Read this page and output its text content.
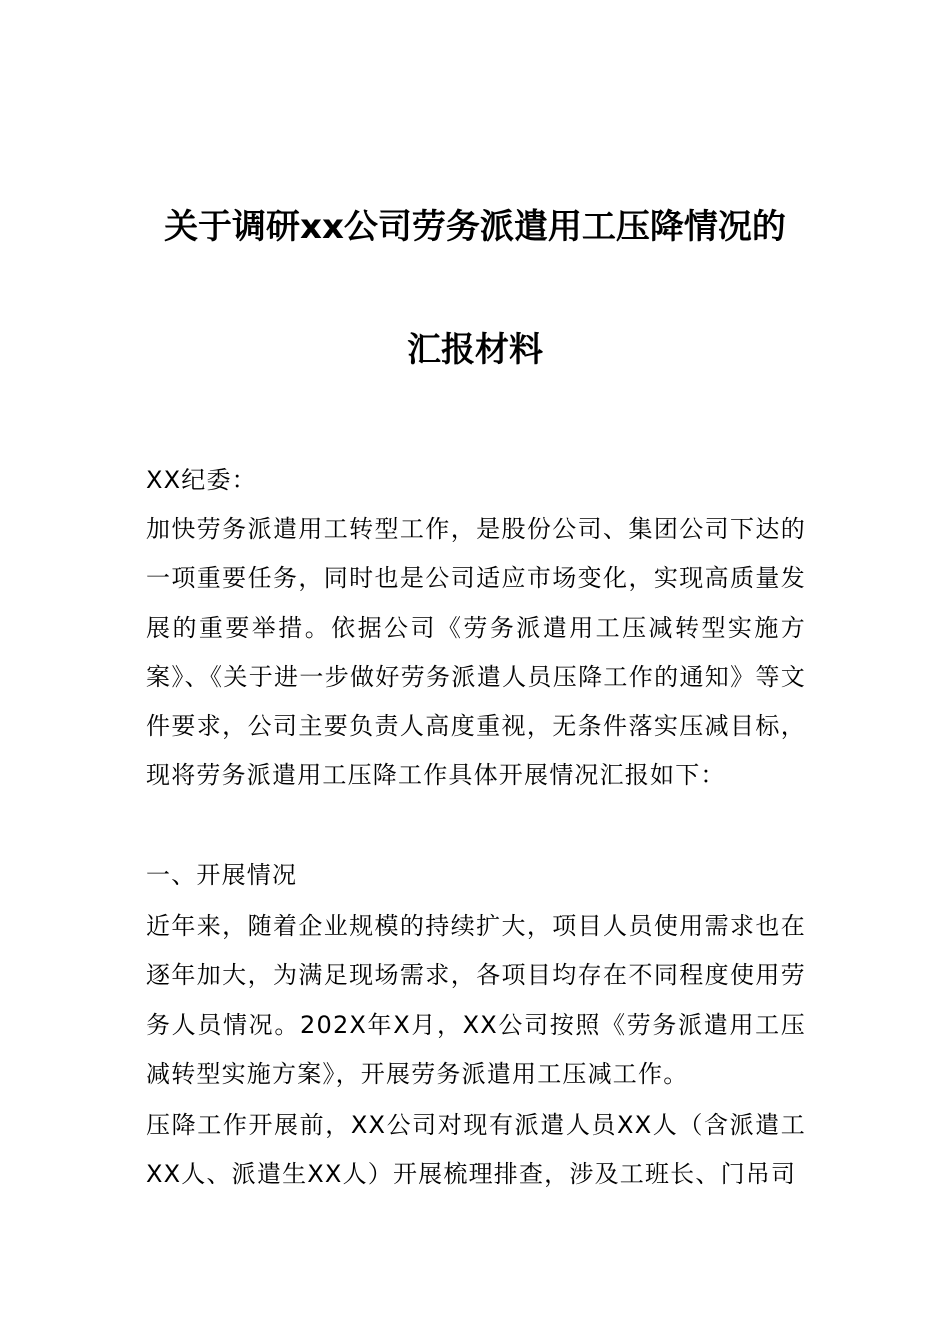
关于调研xx公司劳务派遣用工压降情况的
汇报材料
XX纪委：
加快劳务派遣用工转型工作，是股份公司、集团公司下达的一项重要任务，同时也是公司适应市场变化，实现高质量发展的重要举措。依据公司《劳务派遣用工压减转型实施方案》、《关于进一步做好劳务派遣人员压降工作的通知》等文件要求，公司主要负责人高度重视，无条件落实压减目标，现将劳务派遣用工压降工作具体开展情况汇报如下：
一、开展情况
近年来，随着企业规模的持续扩大，项目人员使用需求也在逐年加大，为满足现场需求，各项目均存在不同程度使用劳务人员情况。202X年X月，XX公司按照《劳务派遣用工压减转型实施方案》，开展劳务派遣用工压减工作。
压降工作开展前，XX公司对现有派遣人员XX人（含派遣工XX人、派遣生XX人）开展梳理排查，涉及工班长、门吊司
